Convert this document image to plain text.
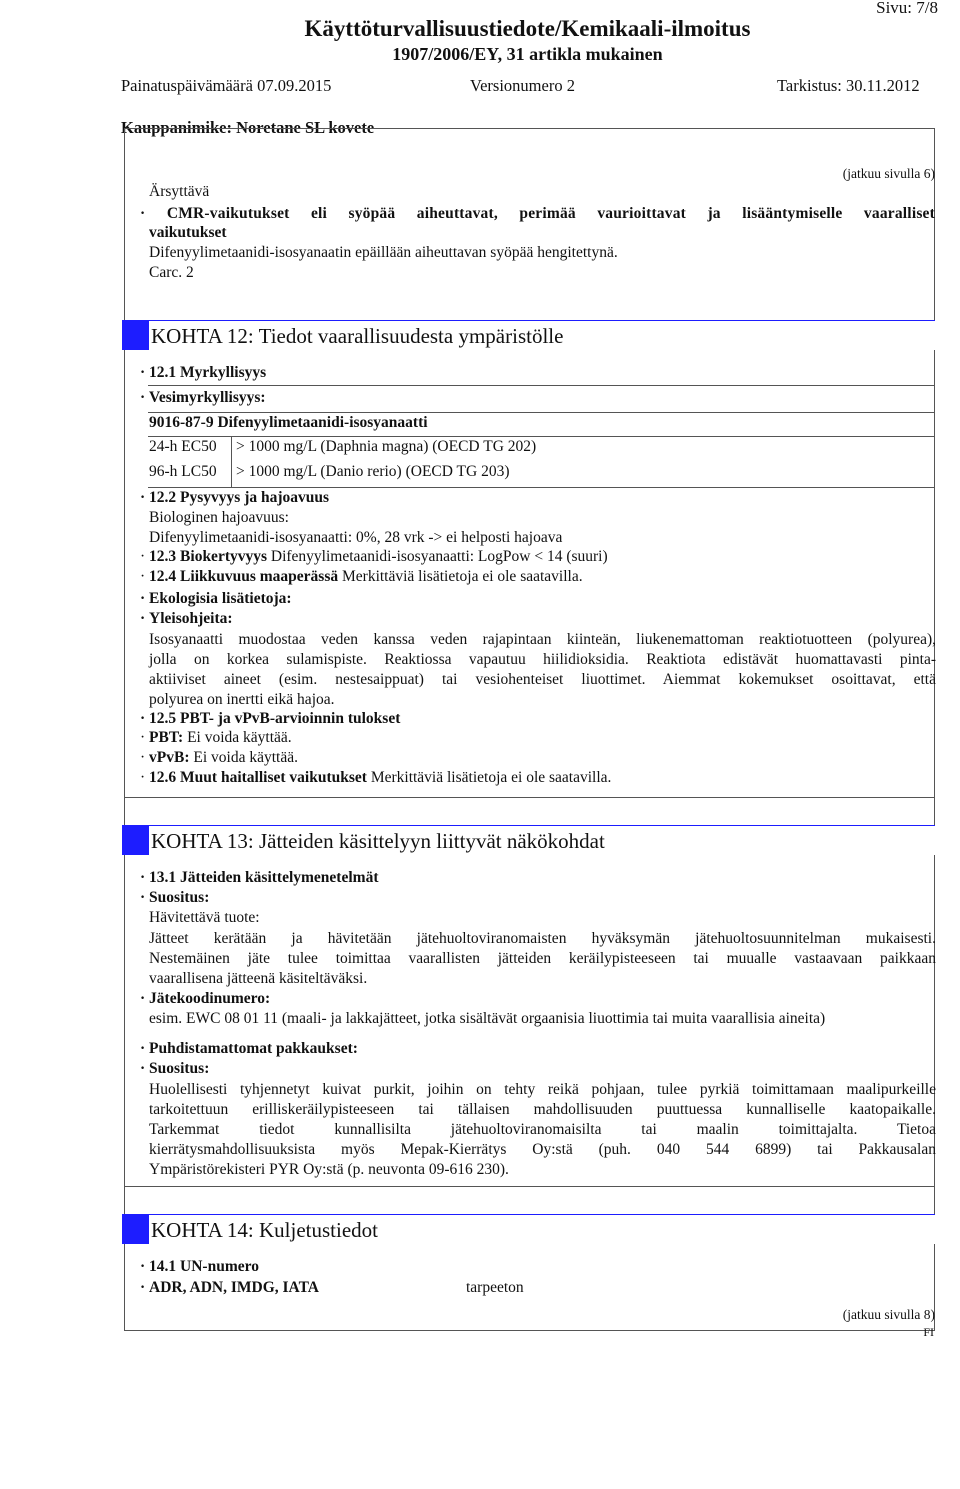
Sivu: 7/8
Käyttöturvallisuustiedote/Kemikaali-ilmoitus
1907/2006/EY, 31 artikla mukainen
Painatuspäivämäärä 07.09.2015	Versionumero 2	Tarkistus: 30.11.2012
Kauppanimike: Noretane SL kovete
(jatkuu sivulla 6)
Ärsyttävä
· CMR-vaikutukset eli syöpää aiheuttavat, perimää vaurioittavat ja lisääntymiselle vaaralliset
vaikutukset
Difenyylimetaanidi-isosyanaatin epäillään aiheuttavan syöpää hengitettynä.
Carc. 2
KOHTA 12: Tiedot vaarallisuudesta ympäristölle
· 12.1 Myrkyllisyys
· Vesimyrkyllisyys:
9016-87-9 Difenyylimetaanidi-isosyanaatti
24-h EC50 > 1000 mg/L (Daphnia magna) (OECD TG 202)
96-h LC50 > 1000 mg/L (Danio rerio) (OECD TG 203)
· 12.2 Pysyvyys ja hajoavuus
Biologinen hajoavuus:
Difenyylimetaanidi-isosyanaatti: 0%, 28 vrk -> ei helposti hajoava
· 12.3 Biokertyvyys Difenyylimetaanidi-isosyanaatti: LogPow < 14 (suuri)
· 12.4 Liikkuvuus maaperässä Merkittäviä lisätietoja ei ole saatavilla.
· Ekologisia lisätietoja:
· Yleisohjeita:
Isosyanaatti muodostaa veden kanssa veden rajapintaan kiinteän, liukenemattoman reaktiotuotteen (polyurea),
jolla on korkea sulamispiste. Reaktiossa vapautuu hiilidioksidia. Reaktiota edistävät huomattavasti pinta-
aktiiviset aineet (esim. nestesaippuat) tai vesiohenteiset liuottimet. Aiemmat kokemukset osoittavat, että
polyurea on inertti eikä hajoa.
· 12.5 PBT- ja vPvB-arvioinnin tulokset
· PBT: Ei voida käyttää.
· vPvB: Ei voida käyttää.
· 12.6 Muut haitalliset vaikutukset Merkittäviä lisätietoja ei ole saatavilla.
KOHTA 13: Jätteiden käsittelyyn liittyvät näkökohdat
· 13.1 Jätteiden käsittelymenetelmät
· Suositus:
Hävitettävä tuote:
Jätteet kerätään ja hävitetään jätehuoltoviranomaisten hyväksymän jätehuoltosuunnitelman mukaisesti.
Nestemäinen jäte tulee toimittaa vaarallisten jätteiden keräilypisteeseen tai muualle vastaavaan paikkaan
vaarallisena jätteenä käsiteltäväksi.
· Jätekoodinumero:
esim. EWC 08 01 11 (maali- ja lakkajätteet, jotka sisältävät orgaanisia liuottimia tai muita vaarallisia aineita)
· Puhdistamattomat pakkaukset:
· Suositus:
Huolellisesti tyhjennetyt kuivat purkit, joihin on tehty reikä pohjaan, tulee pyrkiä toimittamaan maalipurkeille
tarkoitettuun erilliskeräilypisteeseen tai tällaisen mahdollisuuden puuttuessa kunnalliselle kaatopaikalle.
Tarkemmat tiedot kunnallisilta jätehuoltoviranomaisilta tai maalin toimittajalta. Tietoa
kierrätysmahdollisuuksista myös Mepak-Kierrätys Oy:stä (puh. 040 544 6899) tai Pakkausalan
Ympäristörekisteri PYR Oy:stä (p. neuvonta 09-616 230).
KOHTA 14: Kuljetustiedot
· 14.1 UN-numero
· ADR, ADN, IMDG, IATA	tarpeeton
(jatkuu sivulla 8)
FI
